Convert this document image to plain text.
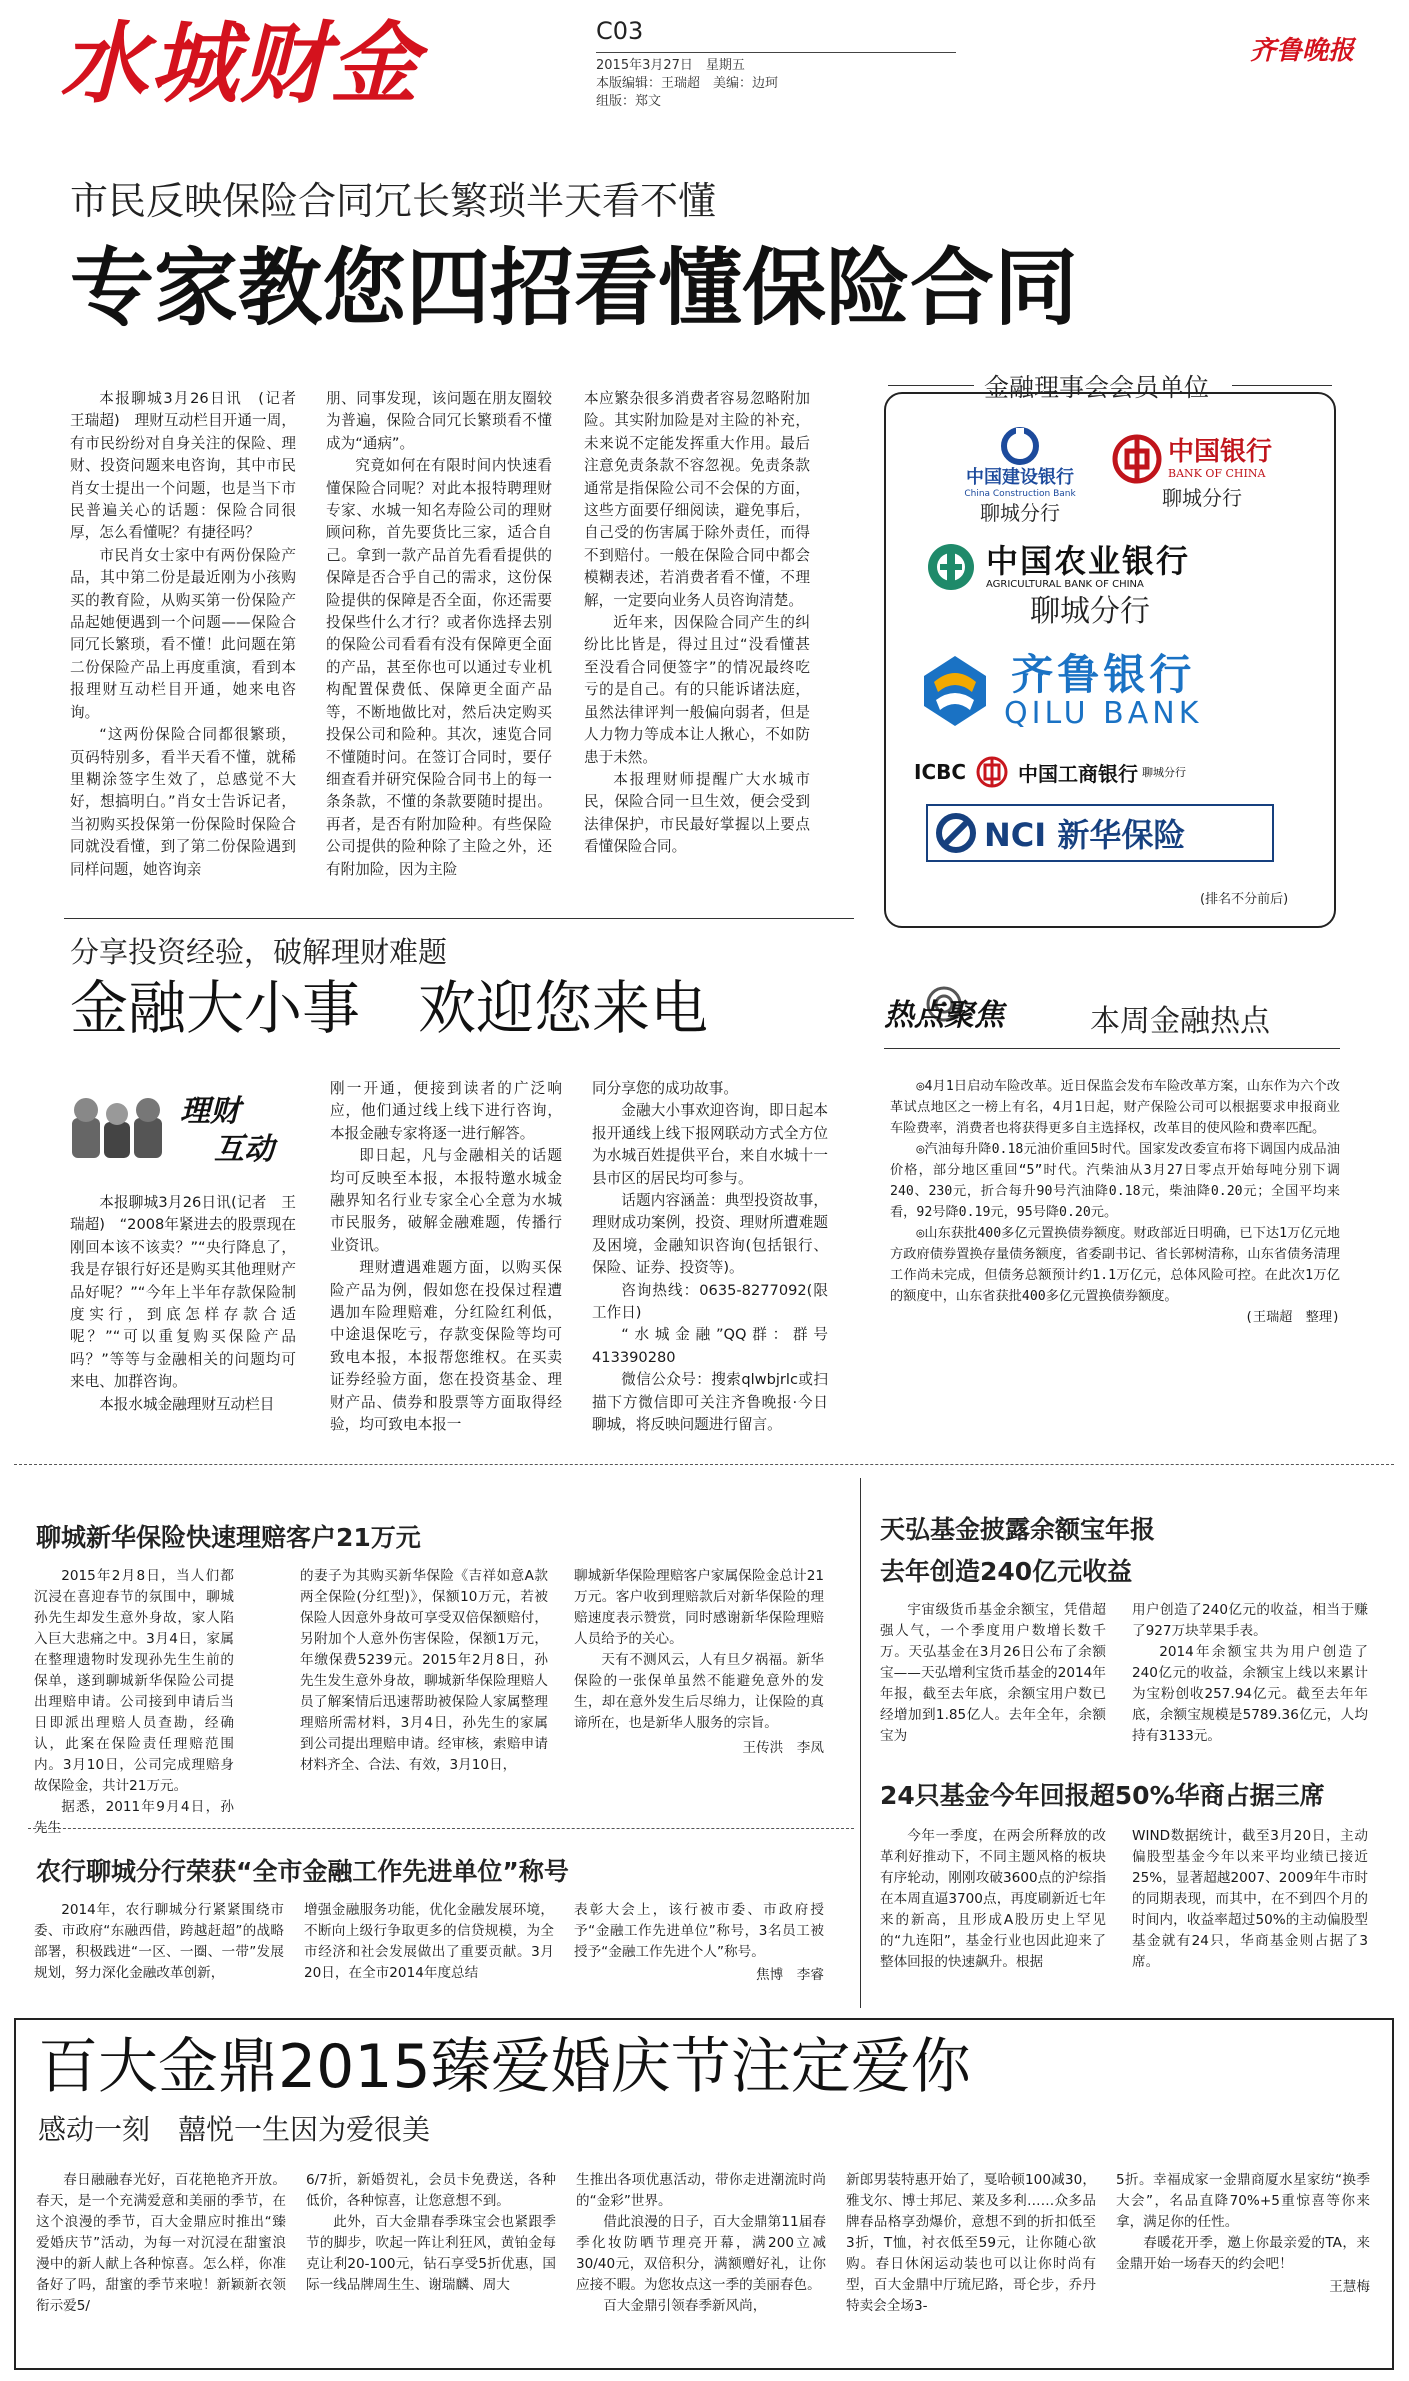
水城财金	C03
2015年3月27日　星期五
本版编辑：王瑞超　美编：边珂
组版：郑文
齐鲁晚报
市民反映保险合同冗长繁琐半天看不懂
专家教您四招看懂保险合同

本报聊城3月26日讯　(记者　王瑞超)　理财互动栏目开通一周，有市民纷纷对自身关注的保险、理财、投资问题来电咨询，其中市民肖女士提出一个问题，也是当下市民普遍关心的话题：保险合同很厚，怎么看懂呢？有捷径吗？

市民肖女士家中有两份保险产品，其中第二份是最近刚为小孩购买的教育险，从购买第一份保险产品起她便遇到一个问题——保险合同冗长繁琐，看不懂！此问题在第二份保险产品上再度重演，看到本报理财互动栏目开通，她来电咨询。

“这两份保险合同都很繁琐，页码特别多，看半天看不懂，就稀里糊涂签字生效了，总感觉不大好，想搞明白。”肖女士告诉记者，当初购买投保第一份保险时保险合同就没看懂，到了第二份保险遇到同样问题，她咨询亲

朋、同事发现，该问题在朋友圈较为普遍，保险合同冗长繁琐看不懂成为“通病”。

究竟如何在有限时间内快速看懂保险合同呢？对此本报特聘理财专家、水城一知名寿险公司的理财顾问称，首先要货比三家，适合自己。拿到一款产品首先看看提供的保障是否合乎自己的需求，这份保险提供的保障是否全面，你还需要投保些什么才行？或者你选择去别的保险公司看看有没有保障更全面的产品，甚至你也可以通过专业机构配置保费低、保障更全面产品等，不断地做比对，然后决定购买投保公司和险种。其次，速览合同不懂随时问。在签订合同时，要仔细查看并研究保险合同书上的每一条条款，不懂的条款要随时提出。再者，是否有附加险种。有些保险公司提供的险种除了主险之外，还有附加险，因为主险

本应繁杂很多消费者容易忽略附加险。其实附加险是对主险的补充，未来说不定能发挥重大作用。最后注意免责条款不容忽视。免责条款通常是指保险公司不会保的方面，这些方面要仔细阅读，避免事后，自己受的伤害属于除外责任，而得不到赔付。一般在保险合同中都会模糊表述，若消费者看不懂，不理解，一定要向业务人员咨询清楚。

近年来，因保险合同产生的纠纷比比皆是，得过且过“没看懂甚至没看合同便签字”的情况最终吃亏的是自己。有的只能诉诸法庭，虽然法律评判一般偏向弱者，但是人力物力等成本让人揪心，不如防患于未然。

本报理财师提醒广大水城市民，保险合同一旦生效，便会受到法律保护，市民最好掌握以上要点看懂保险合同。

金融理事会会员单位
中国建设银行
China Construction Bank
聊城分行
中国银行
BANK OF CHINA
聊城分行
中国农业银行
AGRICULTURAL BANK OF CHINA
聊城分行
齐鲁银行
QILU BANK
ICBC	中国工商银行 聊城分行
NCI 新华保险
(排名不分前后)
分享投资经验，破解理财难题
金融大小事　欢迎您来电
理财
互动

本报聊城3月26日讯(记者　王瑞超)　“2008年紧进去的股票现在刚回本该不该卖？”“央行降息了，我是存银行好还是购买其他理财产品好呢？”“今年上半年存款保险制度实行，到底怎样存款合适呢？”“可以重复购买保险产品吗？”等等与金融相关的问题均可来电、加群咨询。

本报水城金融理财互动栏目

刚一开通，便接到读者的广泛响应，他们通过线上线下进行咨询，本报金融专家将逐一进行解答。

即日起，凡与金融相关的话题均可反映至本报，本报特邀水城金融界知名行业专家全心全意为水城市民服务，破解金融难题，传播行业资讯。

理财遭遇难题方面，以购买保险产品为例，假如您在投保过程遭遇加车险理赔难，分红险红利低，中途退保吃亏，存款变保险等均可致电本报，本报帮您维权。在买卖证券经验方面，您在投资基金、理财产品、债券和股票等方面取得经验，均可致电本报一

同分享您的成功故事。

金融大小事欢迎咨询，即日起本报开通线上线下报网联动方式全方位为水城百姓提供平台，来自水城十一县市区的居民均可参与。

话题内容涵盖：典型投资故事，理财成功案例，投资、理财所遭难题及困境，金融知识咨询(包括银行、保险、证券、投资等)。

咨询热线：0635-8277092(限工作日)

“水城金融”QQ群：群号413390280

微信公众号：搜索qlwbjrlc或扫描下方微信即可关注齐鲁晚报·今日聊城，将反映问题进行留言。

热点聚焦	本周金融热点

◎4月1日启动车险改革。近日保监会发布车险改革方案，山东作为六个改革试点地区之一榜上有名，4月1日起，财产保险公司可以根据要求申报商业车险费率，消费者也将获得更多自主选择权，改革目的使风险和费率匹配。

◎汽油每升降0.18元油价重回5时代。国家发改委宣布将下调国内成品油价格，部分地区重回“5”时代。汽柴油从3月27日零点开始每吨分别下调240、230元，折合每升90号汽油降0.18元，柴油降0.20元；全国平均来看，92号降0.19元，95号降0.20元。

◎山东获批400多亿元置换债券额度。财政部近日明确，已下达1万亿元地方政府债券置换存量债务额度，省委副书记、省长郭树清称，山东省债务清理工作尚未完成，但债务总额预计约1.1万亿元，总体风险可控。在此次1万亿的额度中，山东省获批400多亿元置换债券额度。

(王瑞超　整理)
聊城新华保险快速理赔客户21万元

2015年2月8日，当人们都沉浸在喜迎春节的氛围中，聊城孙先生却发生意外身故，家人陷入巨大悲痛之中。3月4日，家属在整理遗物时发现孙先生生前的保单，遂到聊城新华保险公司提出理赔申请。公司接到申请后当日即派出理赔人员查勘，经确认，此案在保险责任理赔范围内。3月10日，公司完成理赔身故保险金，共计21万元。

据悉，2011年9月4日，孙先生

的妻子为其购买新华保险《吉祥如意A款两全保险(分红型)》，保额10万元，若被保险人因意外身故可享受双倍保额赔付，另附加个人意外伤害保险，保额1万元，年缴保费5239元。2015年2月8日，孙先生发生意外身故，聊城新华保险理赔人员了解案情后迅速帮助被保险人家属整理理赔所需材料，3月4日，孙先生的家属到公司提出理赔申请。经审核，索赔申请材料齐全、合法、有效，3月10日，

聊城新华保险理赔客户家属保险金总计21万元。客户收到理赔款后对新华保险的理赔速度表示赞赏，同时感谢新华保险理赔人员给予的关心。

天有不测风云，人有旦夕祸福。新华保险的一张保单虽然不能避免意外的发生，却在意外发生后尽绵力，让保险的真谛所在，也是新华人服务的宗旨。

王传洪　李凤
农行聊城分行荣获“全市金融工作先进单位”称号

2014年，农行聊城分行紧紧围绕市委、市政府“东融西借，跨越赶超”的战略部署，积极践进“一区、一圈、一带”发展规划，努力深化金融改革创新，

增强金融服务功能，优化金融发展环境，不断向上级行争取更多的信贷规模，为全市经济和社会发展做出了重要贡献。3月20日，在全市2014年度总结

表彰大会上，该行被市委、市政府授予“金融工作先进单位”称号，3名员工被授予“金融工作先进个人”称号。

焦博　李睿
天弘基金披露余额宝年报
去年创造240亿元收益

宇宙级货币基金余额宝，凭借超强人气，一个季度用户数增长数千万。天弘基金在3月26日公布了余额宝——天弘增利宝货币基金的2014年年报，截至去年底，余额宝用户数已经增加到1.85亿人。去年全年，余额宝为

用户创造了240亿元的收益，相当于赚了927万块苹果手表。

2014年余额宝共为用户创造了240亿元的收益，余额宝上线以来累计为宝粉创收257.94亿元。截至去年年底，余额宝规模是5789.36亿元，人均持有3133元。

24只基金今年回报超50%华商占据三席

今年一季度，在两会所释放的改革利好推动下，不同主题风格的板块有序轮动，刚刚攻破3600点的沪综指在本周直逼3700点，再度刷新近七年来的新高，且形成A股历史上罕见的“九连阳”，基金行业也因此迎来了整体回报的快速飙升。根据

WIND数据统计，截至3月20日，主动偏股型基金今年以来平均业绩已接近25%，显著超越2007、2009年牛市时的同期表现，而其中，在不到四个月的时间内，收益率超过50%的主动偏股型基金就有24只，华商基金则占据了3席。

百大金鼎2015臻爱婚庆节注定爱你
感动一刻　囍悦一生因为爱很美

春日融融春光好，百花艳艳齐开放。春天，是一个充满爱意和美丽的季节，在这个浪漫的季节，百大金鼎应时推出“臻爱婚庆节”活动，为每一对沉浸在甜蜜浪漫中的新人献上各种惊喜。怎么样，你准备好了吗，甜蜜的季节来啦！新颖新衣领衔示爱5/

6/7折，新婚贺礼，会员卡免费送，各种低价，各种惊喜，让您意想不到。

此外，百大金鼎春季珠宝会也紧跟季节的脚步，吹起一阵让利狂风，黄铂金每克让利20-100元，钻石享受5折优惠，国际一线品牌周生生、谢瑞麟、周大

生推出各项优惠活动，带你走进潮流时尚的“金彩”世界。

借此浪漫的日子，百大金鼎第11届春季化妆防晒节理亮开幕，满200立减30/40元，双倍积分，满额赠好礼，让你应接不暇。为您妆点这一季的美丽春色。

百大金鼎引领春季新风尚，

新郎男装特惠开始了，戛哈顿100减30，雅戈尔、博士邦尼、莱及多利……众多品牌春品格享劲爆价，意想不到的折扣低至3折，T恤，衬衣低至59元，让你随心欲购。春日休闲运动装也可以让你时尚有型，百大金鼎中厅琉尼路，哥仑步，乔丹特卖会全场3-

5折。幸福成家一金鼎商厦水星家纺“换季大会”，名品直降70%+5重惊喜等你来拿，满足你的任性。

春暖花开季，邀上你最亲爱的TA，来金鼎开始一场春天的约会吧！

王慧梅
